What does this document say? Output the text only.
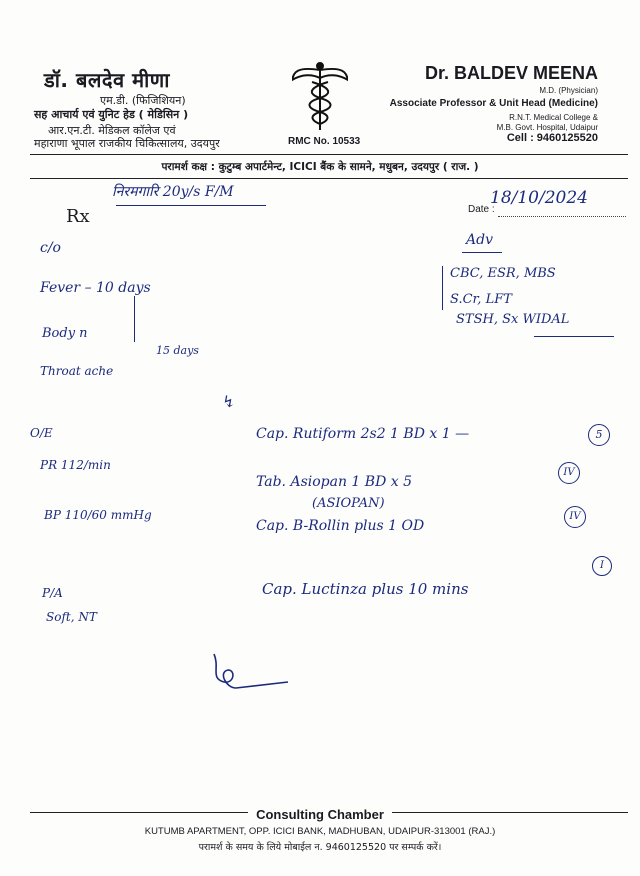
डॉ. बलदेव मीणा
एम.डी. (फिजिशियन)
सह आचार्य एवं युनिट हेड ( मेडिसिन )
आर.एन.टी. मेडिकल कॉलेज एवं
महाराणा भूपाल राजकीय चिकित्सालय, उदयपुर	RMC No. 10533
Dr. BALDEV MEENA
M.D. (Physician)
Associate Professor & Unit Head (Medicine)
R.N.T. Medical College &
M.B. Govt. Hospital, Udaipur
Cell : 9460125520
परामर्श कक्ष : कुटुम्ब अपार्टमेन्ट, ICICI बैंक के सामने, मधुबन, उदयपुर ( राज. )
Rx	Date :
निरमगारि 20y/s F/M	18/10/2024
c/o
Fever – 10 days
Body n
Throat ache
15 days
Adv
CBC, ESR, MBS
S.Cr, LFT
STSH, Sx WIDAL
↯
O/E
PR 112/min
BP 110/60 mmHg
Cap. Rutiform 2s2 1 BD x 1 —
Tab. Asiopan 1 BD x 5
(ASIOPAN)
Cap. B-Rollin plus 1 OD
Cap. Luctinza plus 10 mins
5
IV
IV
I
P/A
Soft, NT
Consulting Chamber
KUTUMB APARTMENT, OPP. ICICI BANK, MADHUBAN, UDAIPUR-313001 (RAJ.)
परामर्श के समय के लिये मोबाईल न. 9460125520 पर सम्पर्क करें।
